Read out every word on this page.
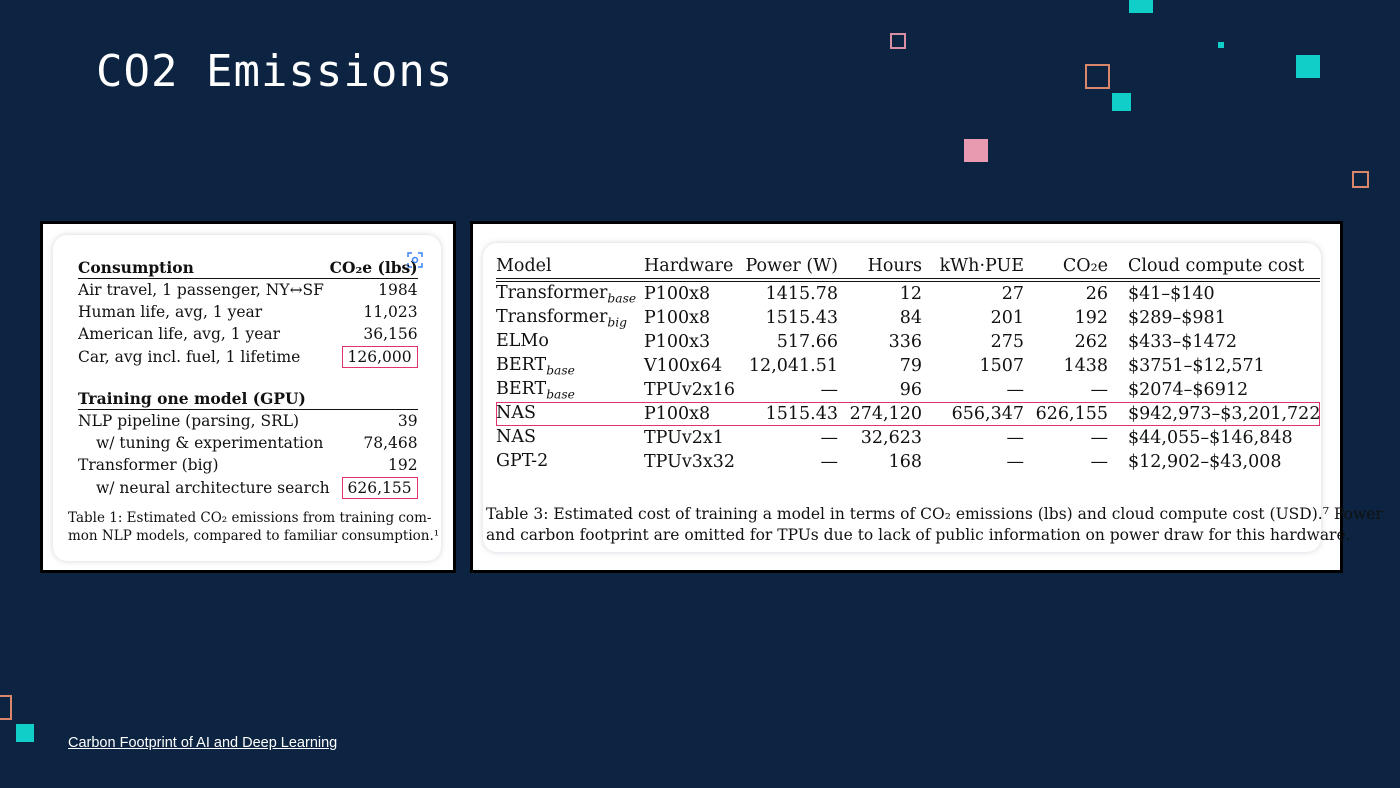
CO2 Emissions
Consumption	CO₂e (lbs)
Air travel, 1 passenger, NY↔SF	1984
Human life, avg, 1 year	11,023
American life, avg, 1 year	36,156
Car, avg incl. fuel, 1 lifetime	126,000

Training one model (GPU)	
NLP pipeline (parsing, SRL)	39
w/ tuning & experimentation	78,468
Transformer (big)	192
w/ neural architecture search	626,155
Table 1: Estimated CO₂ emissions from training com-
mon NLP models, compared to familiar consumption.¹
Model	Hardware	Power (W)	Hours	kWh·PUE	CO₂e	Cloud compute cost
Transformer$_{base}$	P100x8	1415.78	12	27	26	$41–$140
Transformer$_{big}$	P100x8	1515.43	84	201	192	$289–$981
ELMo	P100x3	517.66	336	275	262	$433–$1472
$BERT_{base}$	V100x64	12,041.51	79	1507	1438	$3751–$12,571
$BERT_{base}$	TPUv2x16	—	96	—	—	$2074–$6912
NAS	P100x8	1515.43	274,120	656,347	626,155	$942,973–$3,201,722
NAS	TPUv2x1	—	32,623	—	—	$44,055–$146,848
GPT-2	TPUv3x32	—	168	—	—	$12,902–$43,008
Table 3: Estimated cost of training a model in terms of CO₂ emissions (lbs) and cloud compute cost (USD).⁷ Power
and carbon footprint are omitted for TPUs due to lack of public information on power draw for this hardware.
Carbon Footprint of AI and Deep Learning
